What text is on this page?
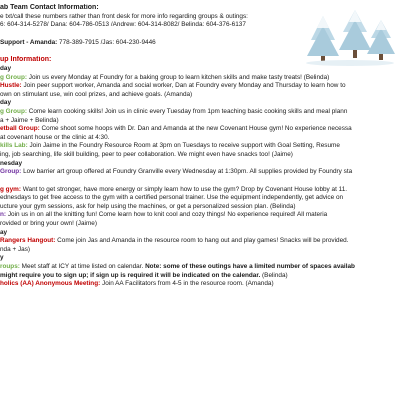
ab Team Contact Information:
e txt/call these numbers rather than front desk for more info regarding groups & outings:
6: 604-314-5278/ Dana: 604-786-0513 /Andrew: 604-314-8082/ Belinda: 604-376-6137
Support - Amanda: 778-389-7915 /Jas: 604-230-9446
up Information:
day
g Group: Join us every Monday at Foundry for a baking group to learn kitchen skills and make tasty treats! (Belinda)
Hustle: Join peer support worker, Amanda and social worker, Dan at Foundry every Monday and Thursday to learn how to
own on stimulant use, win cool prizes, and achieve goals. (Amanda)
day
g Group: Come learn cooking skills! Join us in clinic every Tuesday from 1pm teaching basic cooking skills and meal plann
a + Jaime + Belinda)
etball Group: Come shoot some hoops with Dr. Dan and Amanda at the new Covenant House gym! No experience necessa
at covenant house or the clinic at 4:30.
kills Lab: Join Jaime in the Foundry Resource Room at 3pm on Tuesdays to receive support with Goal Setting, Resume
ing, job searching, life skill building, peer to peer collaboration. We might even have snacks too! (Jaime)
nesday
Group: Low barrier art group offered at Foundry Granville every Wednesday at 1:30pm. All supplies provided by Foundry sta
g gym: Want to get stronger, have more energy or simply learn how to use the gym? Drop by Covenant House lobby at 11.
ednesdays to get free access to the gym with a certified personal trainer. Use the equipment independently, get advice on
ucture your gym sessions, ask for help using the machines, or get a personalized session plan. (Belinda)
n: Join us in on all the knitting fun! Come learn how to knit cool and cozy things! No experience required! All materia
rovided or bring your own! (Jaime)
ay
Rangers Hangout: Come join Jas and Amanda in the resource room to hang out and play games! Snacks will be provided.
nda + Jas)
y
roups: Meet staff at ICY at time listed on calendar. Note: some of these outings have a limited number of spaces availab
might require you to sign up; if sign up is required it will be indicated on the calendar. (Belinda)
holics (AA) Anonymous Meeting: Join AA Facilitators from 4-5 in the resource room. (Amanda)
